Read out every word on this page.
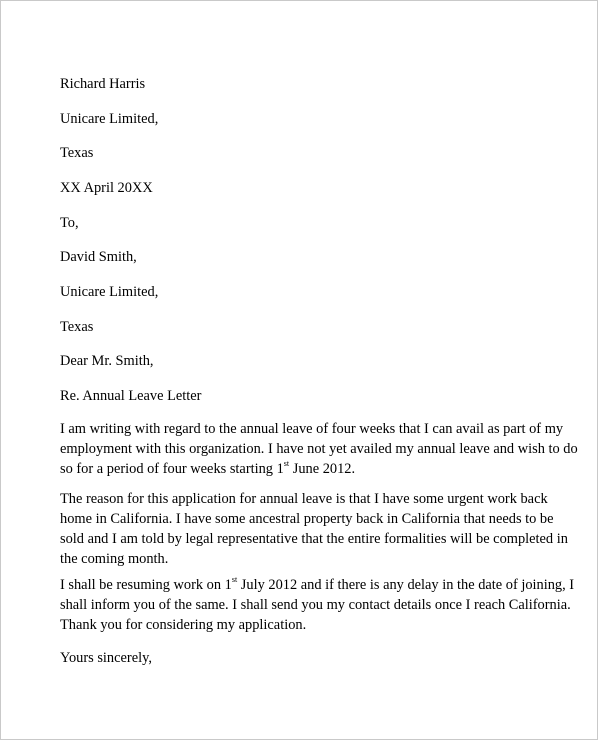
Richard Harris
Unicare Limited,
Texas
XX April 20XX
To,
David Smith,
Unicare Limited,
Texas
Dear Mr. Smith,
Re. Annual Leave Letter

I am writing with regard to the annual leave of four weeks that I can avail as part of my

employment with this organization. I have not yet availed my annual leave and wish to do

so for a period of four weeks starting 1st June 2012.

The reason for this application for annual leave is that I have some urgent work back

home in California. I have some ancestral property back in California that needs to be

sold and I am told by legal representative that the entire formalities will be completed in

the coming month.

I shall be resuming work on 1st July 2012 and if there is any delay in the date of joining, I

shall inform you of the same. I shall send you my contact details once I reach California.

Thank you for considering my application.

Yours sincerely,
